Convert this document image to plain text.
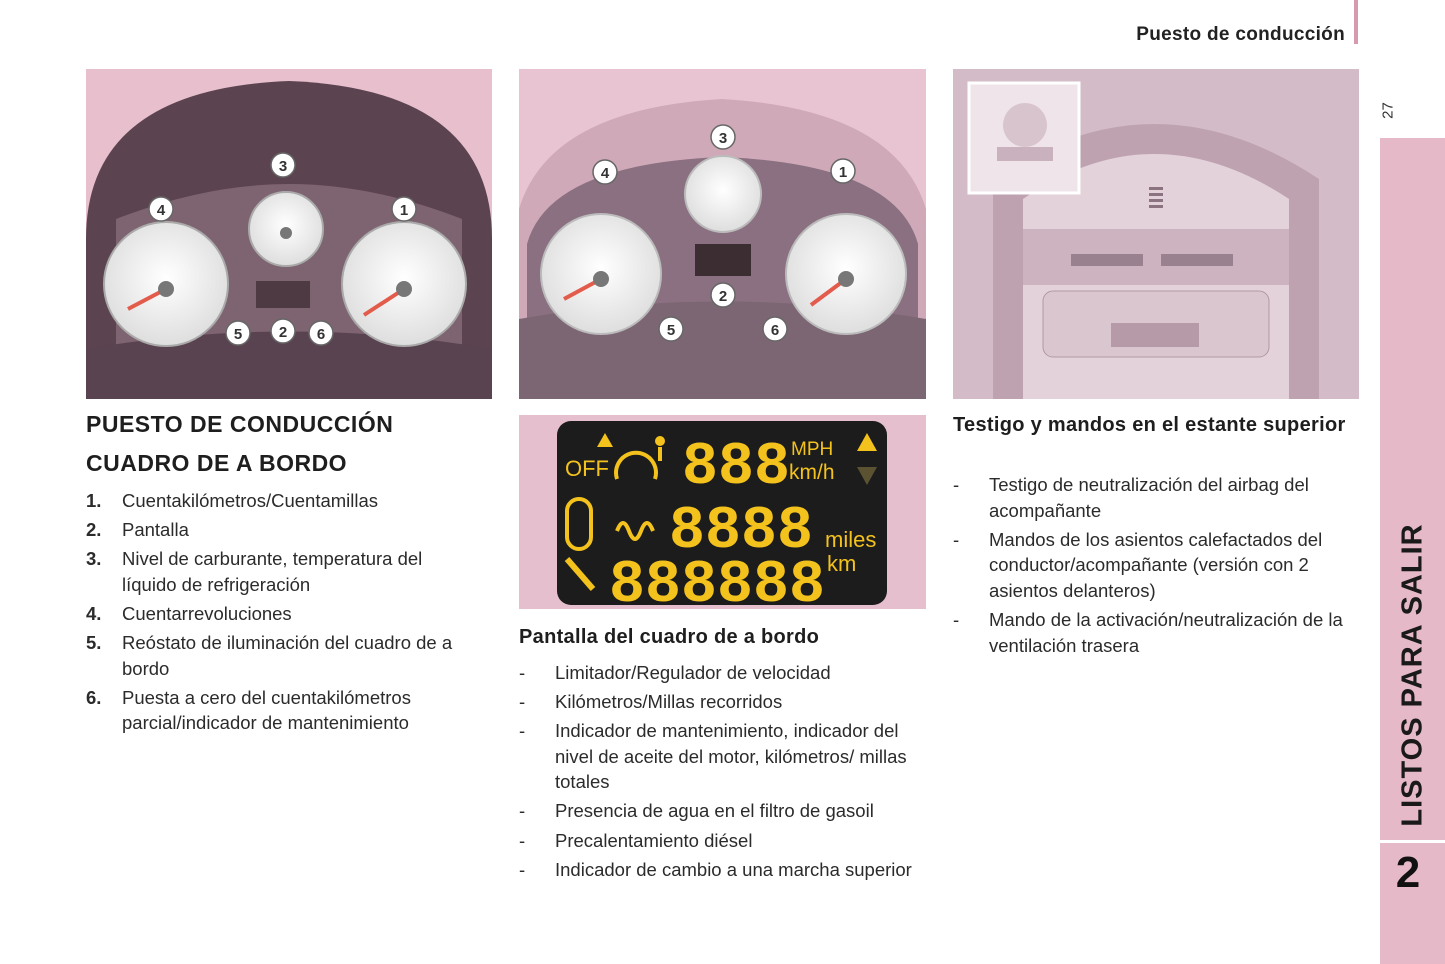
Puesto de conducción
27
LISTOS PARA SALIR
2
1
2
3
4
5	6
1
2
3
4
5	6
OFF 888 MPH
km/h
8888 miles
km
888888
PUESTO DE CONDUCCIÓN
CUADRO DE A BORDO
1. Cuentakilómetros/Cuentamillas
2. Pantalla
3. Nivel de carburante, temperatura del líquido de refrigeración
4. Cuentarrevoluciones
5. Reóstato de iluminación del cuadro de a bordo
6. Puesta a cero del cuentakilómetros parcial/indicador de mantenimiento
Pantalla del cuadro de a bordo
- Limitador/Regulador de velocidad
- Kilómetros/Millas recorridos
- Indicador de mantenimiento, indicador del nivel de aceite del motor, kilómetros/ millas totales
- Presencia de agua en el filtro de gasoil
- Precalentamiento diésel
- Indicador de cambio a una marcha superior
Testigo y mandos en el estante superior
- Testigo de neutralización del airbag del acompañante
- Mandos de los asientos calefactados del conductor/acompañante (versión con 2 asientos delanteros)
- Mando de la activación/neutralización de la ventilación trasera
